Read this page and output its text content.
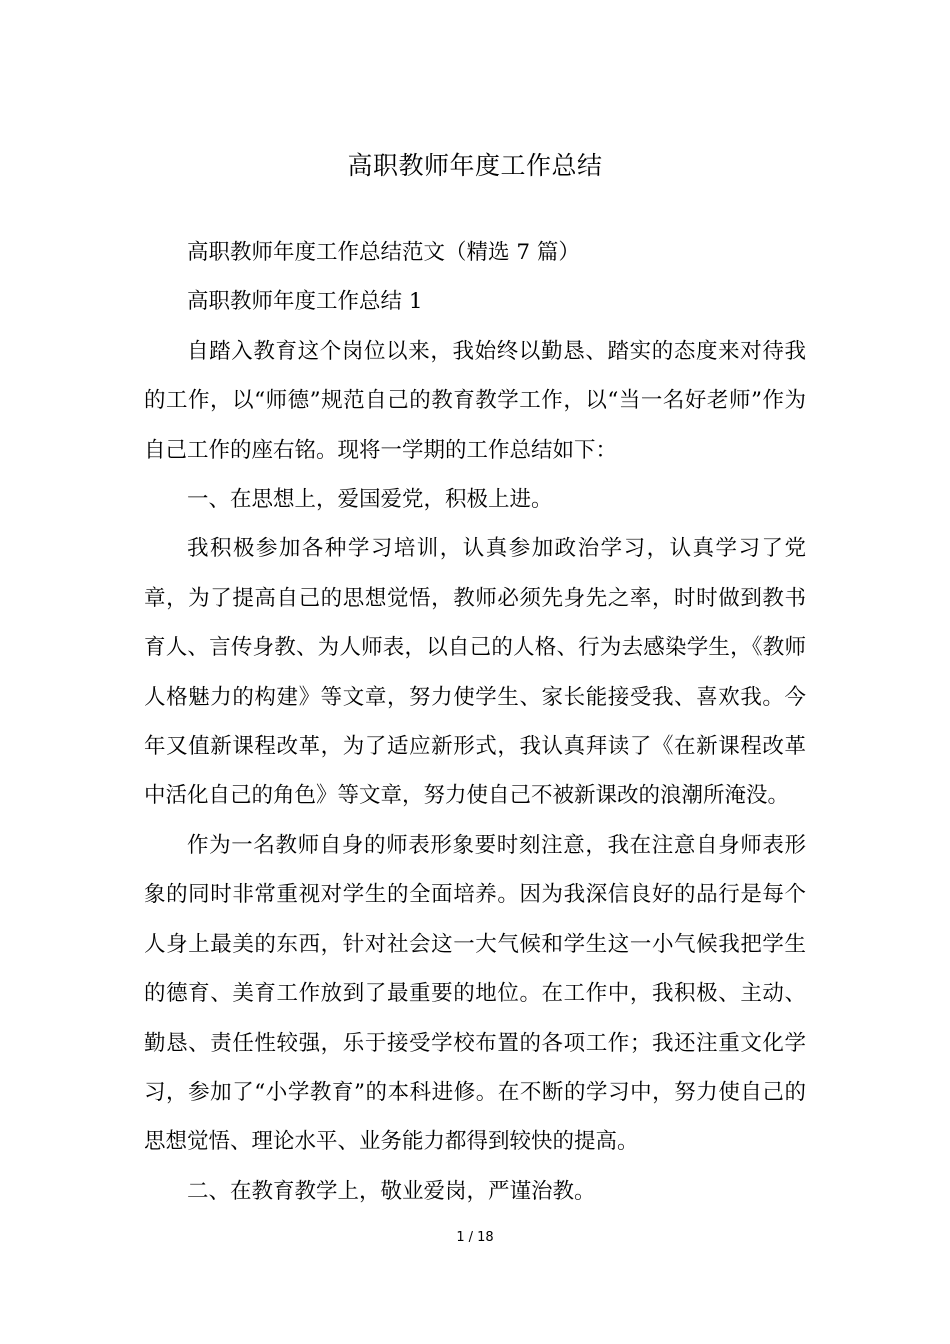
高职教师年度工作总结

高职教师年度工作总结范文（精选 7 篇）

高职教师年度工作总结 1

自踏入教育这个岗位以来，我始终以勤恳、踏实的态度来对待我的工作，以“师德”规范自己的教育教学工作，以“当一名好老师”作为自己工作的座右铭。现将一学期的工作总结如下：

一、在思想上，爱国爱党，积极上进。

我积极参加各种学习培训，认真参加政治学习，认真学习了党章，为了提高自己的思想觉悟，教师必须先身先之率，时时做到教书育人、言传身教、为人师表，以自己的人格、行为去感染学生，《教师人格魅力的构建》等文章，努力使学生、家长能接受我、喜欢我。今年又值新课程改革，为了适应新形式，我认真拜读了《在新课程改革中活化自己的角色》等文章，努力使自己不被新课改的浪潮所淹没。

作为一名教师自身的师表形象要时刻注意，我在注意自身师表形象的同时非常重视对学生的全面培养。因为我深信良好的品行是每个人身上最美的东西，针对社会这一大气候和学生这一小气候我把学生的德育、美育工作放到了最重要的地位。在工作中，我积极、主动、勤恳、责任性较强，乐于接受学校布置的各项工作；我还注重文化学习，参加了“小学教育”的本科进修。在不断的学习中，努力使自己的思想觉悟、理论水平、业务能力都得到较快的提高。

二、在教育教学上，敬业爱岗，严谨治教。

1 / 18
